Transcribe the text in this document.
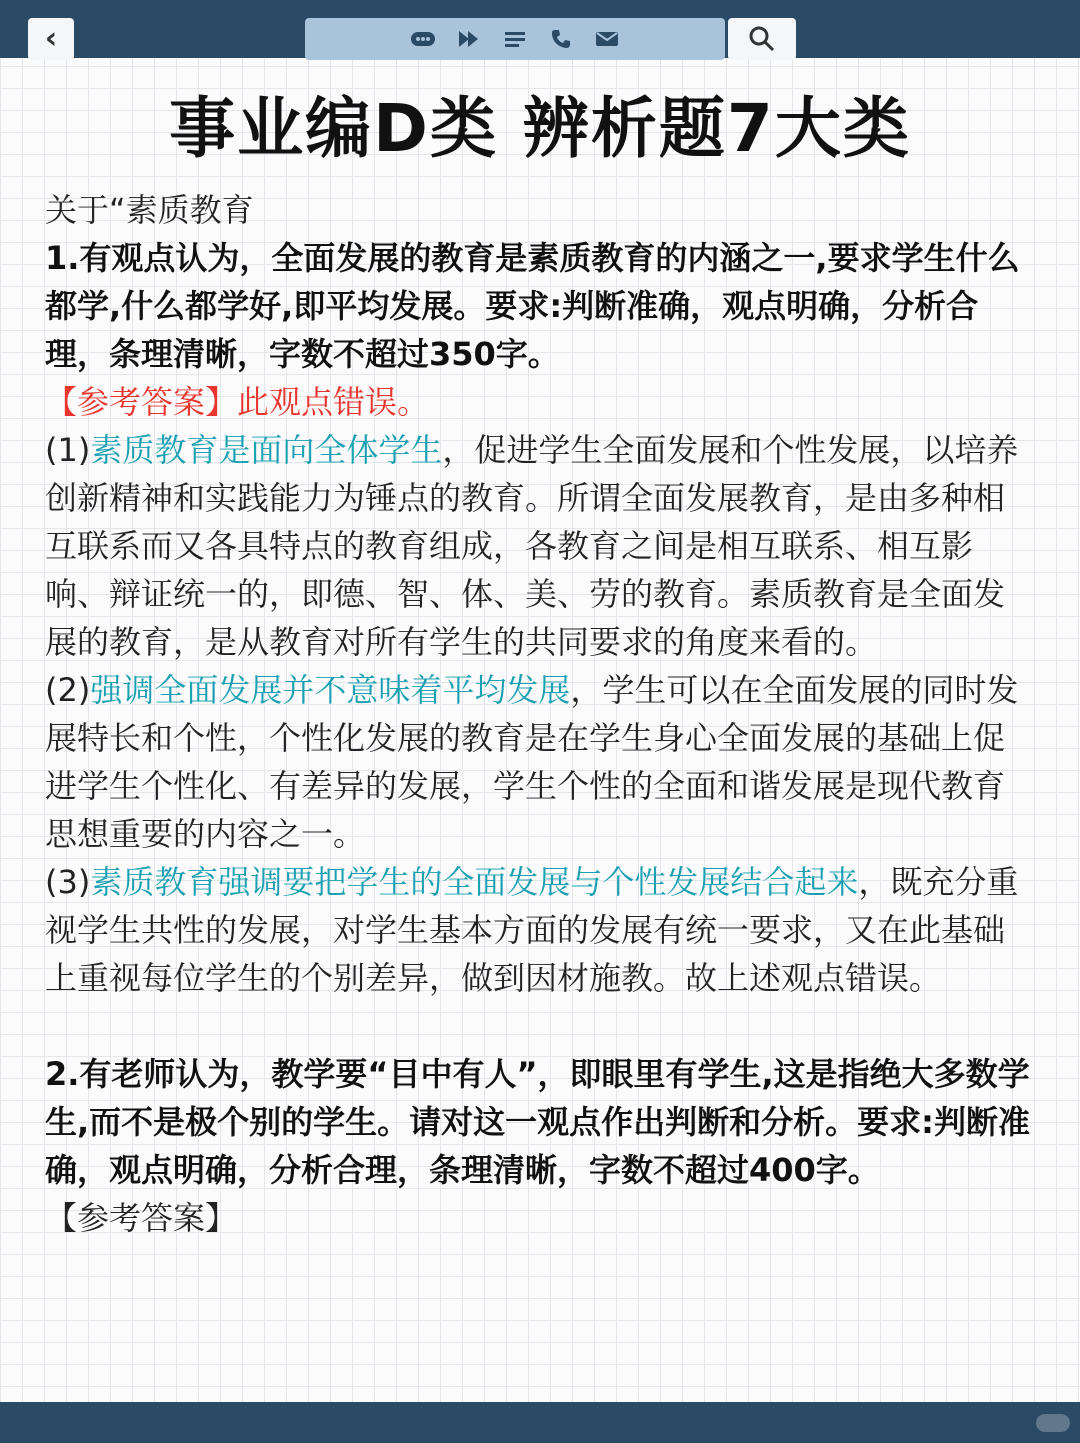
‹
事业编D类 辨析题7大类

关于“素质教育

1.有观点认为，全面发展的教育是素质教育的内涵之一,要求学生什么都学,什么都学好,即平均发展。要求:判断准确，观点明确，分析合理，条理清晰，字数不超过350字。

【参考答案】此观点错误。

(1)素质教育是面向全体学生，促进学生全面发展和个性发展，以培养创新精神和实践能力为锤点的教育。所谓全面发展教育，是由多种相互联系而又各具特点的教育组成，各教育之间是相互联系、相互影响、辩证统一的，即德、智、体、美、劳的教育。素质教育是全面发展的教育，是从教育对所有学生的共同要求的角度来看的。

(2)强调全面发展并不意味着平均发展，学生可以在全面发展的同时发展特长和个性，个性化发展的教育是在学生身心全面发展的基础上促进学生个性化、有差异的发展，学生个性的全面和谐发展是现代教育思想重要的内容之一。

(3)素质教育强调要把学生的全面发展与个性发展结合起来，既充分重视学生共性的发展，对学生基本方面的发展有统一要求，又在此基础上重视每位学生的个别差异，做到因材施教。故上述观点错误。

2.有老师认为，教学要“目中有人”，即眼里有学生,这是指绝大多数学生,而不是极个别的学生。请对这一观点作出判断和分析。要求:判断准确，观点明确，分析合理，条理清晰，字数不超过400字。

【参考答案】
